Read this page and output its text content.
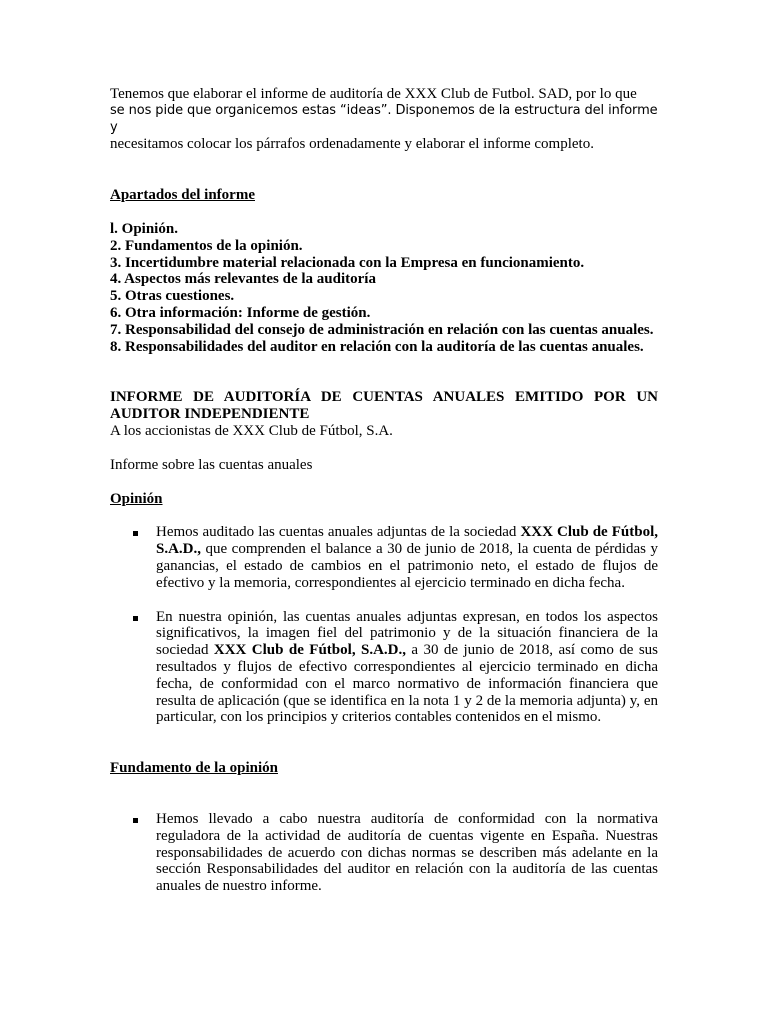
Tenemos que elaborar el informe de auditoría de XXX Club de Futbol. SAD, por lo que

se nos pide que organicemos estas “ideas”. Disponemos de la estructura del informe y

necesitamos colocar los párrafos ordenadamente y elaborar el informe completo.

Apartados del informe

l. Opinión.

2. Fundamentos de la opinión.

3. Incertidumbre material relacionada con la Empresa en funcionamiento.

4. Aspectos más relevantes de la auditoría

5. Otras cuestiones.

6. Otra información: Informe de gestión.

7. Responsabilidad del consejo de administración en relación con las cuentas anuales.

8. Responsabilidades del auditor en relación con la auditoría de las cuentas anuales.

INFORME DE AUDITORÍA DE CUENTAS ANUALES EMITIDO POR UN AUDITOR INDEPENDIENTE

A los accionistas de XXX Club de Fútbol, S.A.

Informe sobre las cuentas anuales

Opinión

Hemos auditado las cuentas anuales adjuntas de la sociedad XXX Club de Fútbol, S.A.D., que comprenden el balance a 30 de junio de 2018, la cuenta de pérdidas y ganancias, el estado de cambios en el patrimonio neto, el estado de flujos de efectivo y la memoria, correspondientes al ejercicio terminado en dicha fecha.
En nuestra opinión, las cuentas anuales adjuntas expresan, en todos los aspectos significativos, la imagen fiel del patrimonio y de la situación financiera de la sociedad XXX Club de Fútbol, S.A.D., a 30 de junio de 2018, así como de sus resultados y flujos de efectivo correspondientes al ejercicio terminado en dicha fecha, de conformidad con el marco normativo de información financiera que resulta de aplicación (que se identifica en la nota 1 y 2 de la memoria adjunta) y, en particular, con los principios y criterios contables contenidos en el mismo.

Fundamento de la opinión

Hemos llevado a cabo nuestra auditoría de conformidad con la normativa reguladora de la actividad de auditoría de cuentas vigente en España. Nuestras responsabilidades de acuerdo con dichas normas se describen más adelante en la sección Responsabilidades del auditor en relación con la auditoría de las cuentas anuales de nuestro informe.
